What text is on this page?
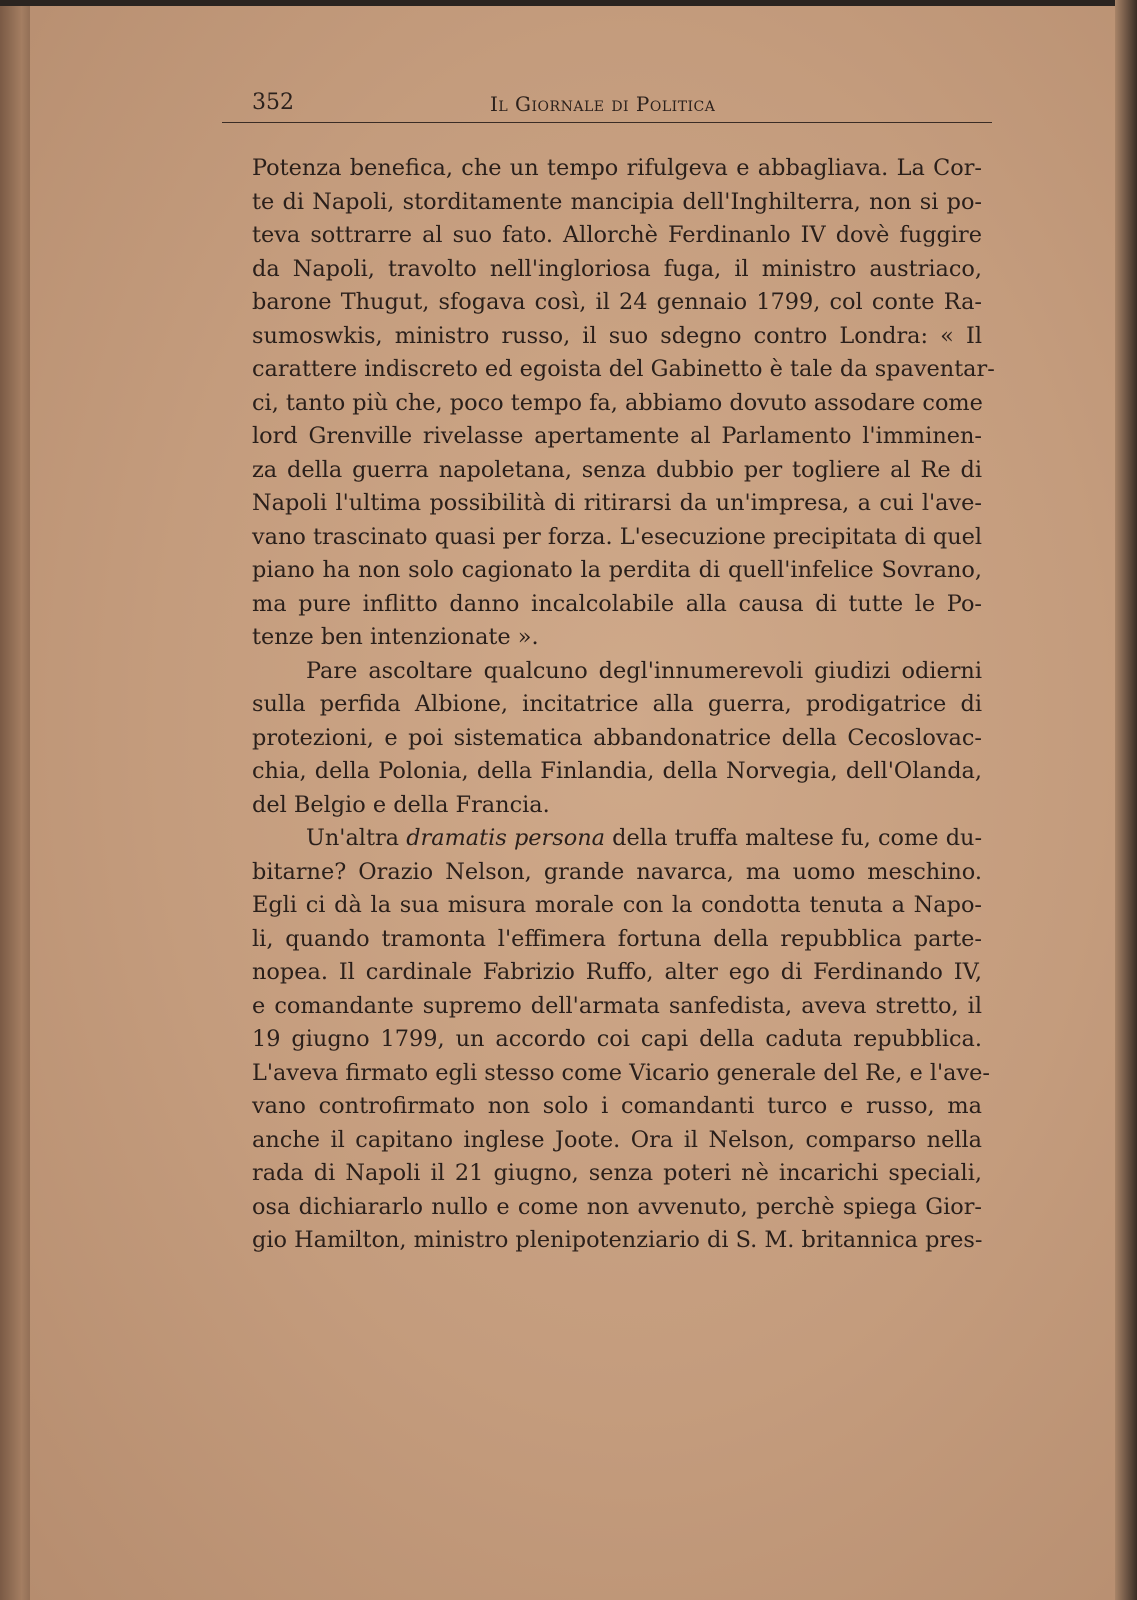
352	Il Giornale di Politica
Potenza benefica, che un tempo rifulgeva e abbagliava. La Cor-
te di Napoli, storditamente mancipia dell'Inghilterra, non si po-
teva sottrarre al suo fato. Allorchè Ferdinanlo IV dovè fuggire
da Napoli, travolto nell'ingloriosa fuga, il ministro austriaco,
barone Thugut, sfogava così, il 24 gennaio 1799, col conte Ra-
sumoswkis, ministro russo, il suo sdegno contro Londra: « Il
carattere indiscreto ed egoista del Gabinetto è tale da spaventar-
ci, tanto più che, poco tempo fa, abbiamo dovuto assodare come
lord Grenville rivelasse apertamente al Parlamento l'imminen-
za della guerra napoletana, senza dubbio per togliere al Re di
Napoli l'ultima possibilità di ritirarsi da un'impresa, a cui l'ave-
vano trascinato quasi per forza. L'esecuzione precipitata di quel
piano ha non solo cagionato la perdita di quell'infelice Sovrano,
ma pure inflitto danno incalcolabile alla causa di tutte le Po-
tenze ben intenzionate ».
Pare ascoltare qualcuno degl'innumerevoli giudizi odierni
sulla perfida Albione, incitatrice alla guerra, prodigatrice di
protezioni, e poi sistematica abbandonatrice della Cecoslovac-
chia, della Polonia, della Finlandia, della Norvegia, dell'Olanda,
del Belgio e della Francia.
Un'altra dramatis persona della truffa maltese fu, come du-
bitarne? Orazio Nelson, grande navarca, ma uomo meschino.
Egli ci dà la sua misura morale con la condotta tenuta a Napo-
li, quando tramonta l'effimera fortuna della repubblica parte-
nopea. Il cardinale Fabrizio Ruffo, alter ego di Ferdinando IV,
e comandante supremo dell'armata sanfedista, aveva stretto, il
19 giugno 1799, un accordo coi capi della caduta repubblica.
L'aveva firmato egli stesso come Vicario generale del Re, e l'ave-
vano controfirmato non solo i comandanti turco e russo, ma
anche il capitano inglese Joote. Ora il Nelson, comparso nella
rada di Napoli il 21 giugno, senza poteri nè incarichi speciali,
osa dichiararlo nullo e come non avvenuto, perchè spiega Gior-
gio Hamilton, ministro plenipotenziario di S. M. britannica pres-
